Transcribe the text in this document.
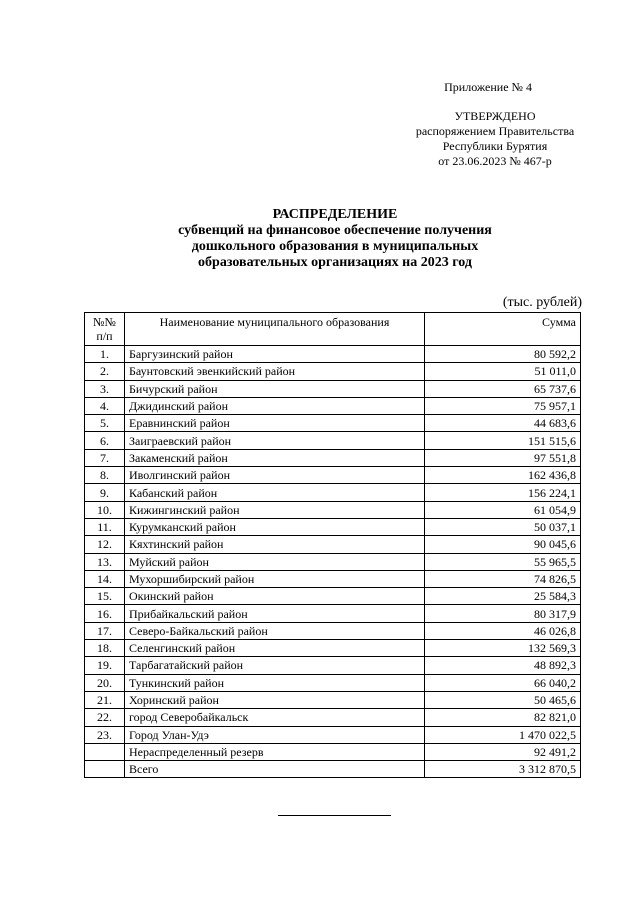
Приложение № 4
УТВЕРЖДЕНО
распоряжением Правительства
Республики Бурятия
от 23.06.2023 № 467-р
РАСПРЕДЕЛЕНИЕ
субвенций на финансовое обеспечение получения
дошкольного образования в муниципальных
образовательных организациях на 2023 год
(тыс. рублей)
№№ п/п	Наименование муниципального образования	Сумма
1.	Баргузинский район	80 592,2
2.	Баунтовский эвенкийский район	51 011,0
3.	Бичурский район	65 737,6
4.	Джидинский район	75 957,1
5.	Еравнинский район	44 683,6
6.	Заиграевский район	151 515,6
7.	Закаменский район	97 551,8
8.	Иволгинский район	162 436,8
9.	Кабанский район	156 224,1
10.	Кижингинский район	61 054,9
11.	Курумканский район	50 037,1
12.	Кяхтинский район	90 045,6
13.	Муйский район	55 965,5
14.	Мухоршибирский район	74 826,5
15.	Окинский район	25 584,3
16.	Прибайкальский район	80 317,9
17.	Северо-Байкальский район	46 026,8
18.	Селенгинский район	132 569,3
19.	Тарбагатайский район	48 892,3
20.	Тункинский район	66 040,2
21.	Хоринский район	50 465,6
22.	город Северобайкальск	82 821,0
23.	Город Улан-Удэ	1 470 022,5
	Нераспределенный резерв	92 491,2
	Всего	3 312 870,5
